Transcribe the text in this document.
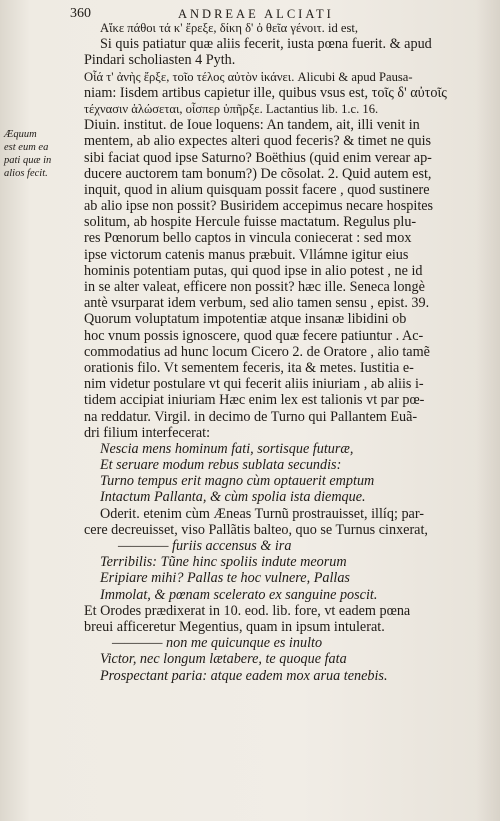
360	ANDREAE ALCIATI
Æquum
est eum ea
pati quæ in
alios fecit.
Αἴκε πάθοι τά κ' ἔρεξε, δίκη δ' ὀ θεῖα γένοιτ. id est,
Si quis patiatur quæ aliis fecerit, iusta pœna fuerit. & apud
Pindari scholiasten 4 Pyth.
Οἷά τ' ἀνὴς ἔρξε, τοῖο τέλος αὐτὸν ἱκάνει. Alicubi & apud Pausa-
niam: Iisdem artibus capietur ille, quibus vsus est, τοῖς δ' αὐτοῖς
τέχνασιν ἁλώσεται, οἷσπερ ὑπῆρξε. Lactantius lib. 1.c. 16.
Diuin. institut. de Ioue loquens: An tandem, ait, illi venit in
mentem, ab alio expectes alteri quod feceris? & timet ne quis
sibi faciat quod ipse Saturno? Boëthius (quid enim verear ap-
ducere auctorem tam bonum?) De cõsolat. 2. Quid autem est,
inquit, quod in alium quisquam possit facere , quod sustinere
ab alio ipse non possit? Busiridem accepimus necare hospites
solitum, ab hospite Hercule fuisse mactatum. Regulus plu-
res Pœnorum bello captos in vincula coniecerat : sed mox
ipse victorum catenis manus præbuit. Vllámne igitur eius
hominis potentiam putas, qui quod ipse in alio potest , ne id
in se alter valeat, efficere non possit? hæc ille. Seneca longè
antè vsurparat idem verbum, sed alio tamen sensu , epist. 39.
Quorum voluptatum impotentiæ atque insanæ libidini ob
hoc vnum possis ignoscere, quod quæ fecere patiuntur . Ac-
commodatius ad hunc locum Cicero 2. de Oratore , alio tamẽ
orationis filo. Vt sementem feceris, ita & metes. Iustitia e-
nim videtur postulare vt qui fecerit aliis iniuriam , ab aliis i-
tidem accipiat iniuriam Hæc enim lex est talionis vt par pœ-
na reddatur. Virgil. in decimo de Turno qui Pallantem Euã-
dri filium interfecerat:
Nescia mens hominum fati, sortisque futuræ,
Et seruare modum rebus sublata secundis:
Turno tempus erit magno cùm optauerit emptum
Intactum Pallanta, & cùm spolia ista diemque.
Oderit. etenim cùm Æneas Turnũ prostrauisset, illíq; par-
cere decreuisset, viso Pallãtis balteo, quo se Turnus cinxerat,
———— furiis accensus & ira
Terribilis: Tũne hinc spoliis indute meorum
Eripiare mihi? Pallas te hoc vulnere, Pallas
Immolat, & pœnam scelerato ex sanguine poscit.
Et Orodes prædixerat in 10. eod. lib. fore, vt eadem pœna
breui afficeretur Megentius, quam in ipsum intulerat.
———— non me quicunque es inulto
Victor, nec longum lætabere, te quoque fata
Prospectant paria: atque eadem mox arua tenebis.
